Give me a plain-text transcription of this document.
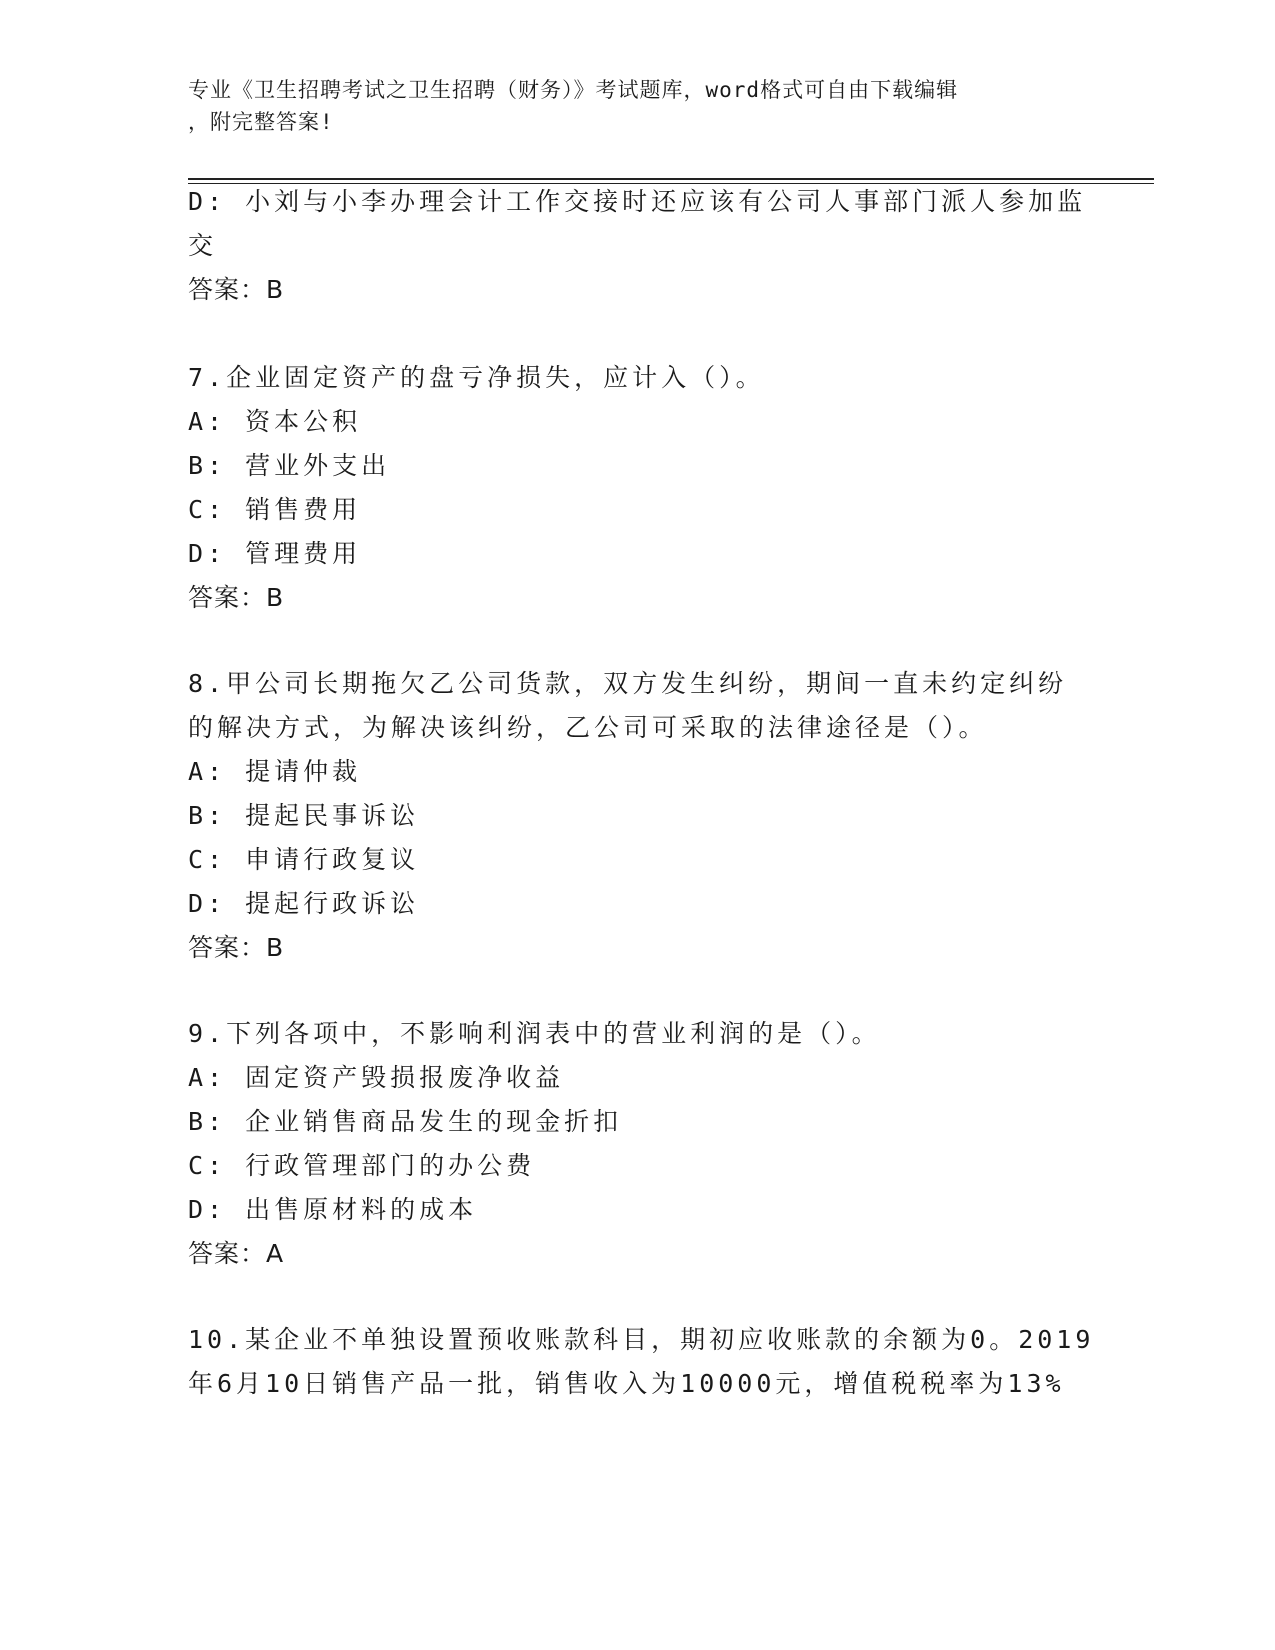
专业《卫生招聘考试之卫生招聘（财务）》考试题库，word格式可自由下载编辑
，附完整答案!
D: 小刘与小李办理会计工作交接时还应该有公司人事部门派人参加监
交
答案：B
7.企业固定资产的盘亏净损失，应计入（）。
A: 资本公积
B: 营业外支出
C: 销售费用
D: 管理费用
答案：B
8.甲公司长期拖欠乙公司货款，双方发生纠纷，期间一直未约定纠纷
的解决方式，为解决该纠纷，乙公司可采取的法律途径是（）。
A: 提请仲裁
B: 提起民事诉讼
C: 申请行政复议
D: 提起行政诉讼
答案：B
9.下列各项中，不影响利润表中的营业利润的是（）。
A: 固定资产毁损报废净收益
B: 企业销售商品发生的现金折扣
C: 行政管理部门的办公费
D: 出售原材料的成本
答案：A
10.某企业不单独设置预收账款科目，期初应收账款的余额为0。2019
年6月10日销售产品一批，销售收入为10000元，增值税税率为13%
